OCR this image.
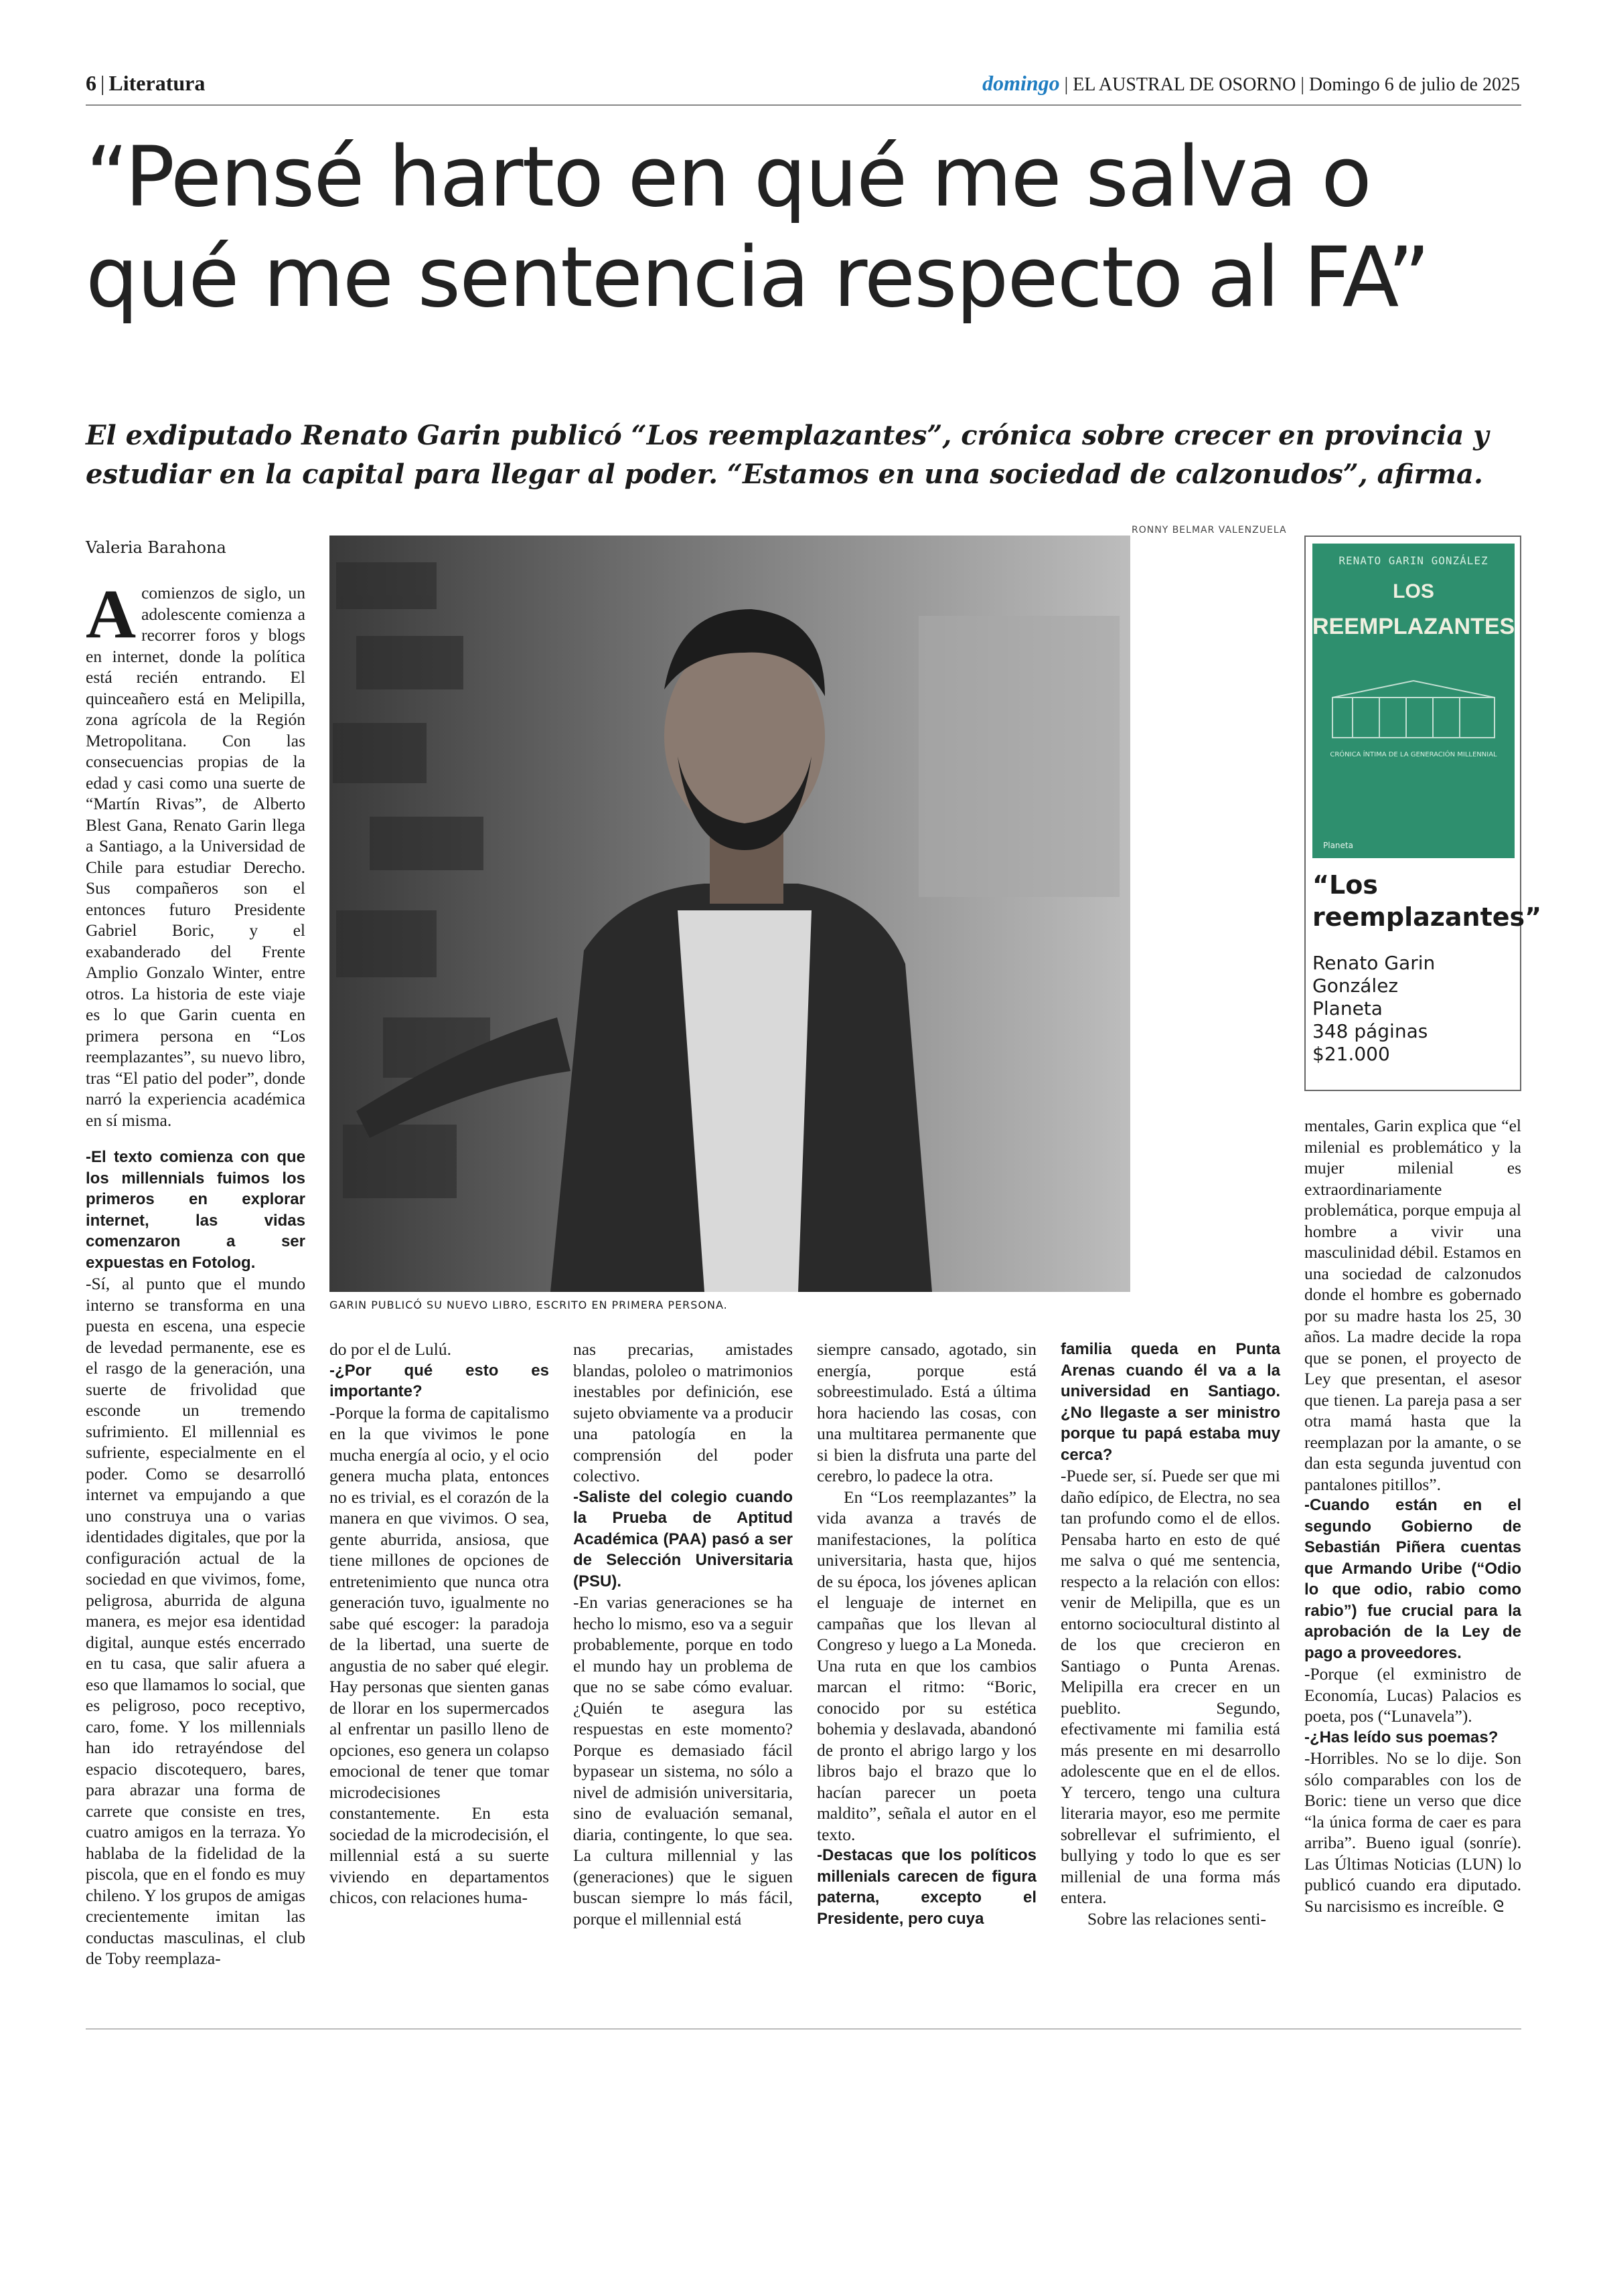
6 | Literatura	domingo | EL AUSTRAL DE OSORNO | Domingo 6 de julio de 2025
“Pensé harto en qué me salva o qué me sentencia respecto al FA”
El exdiputado Renato Garin publicó “Los reemplazantes”, crónica sobre crecer en provincia y estudiar en la capital para llegar al poder. “Estamos en una sociedad de calzonudos”, afirma.
Valeria Barahona
RONNY BELMAR VALENZUELA
GARIN PUBLICÓ SU NUEVO LIBRO, ESCRITO EN PRIMERA PERSONA.
RENATO GARIN GONZÁLEZ
LOS
REEMPLAZANTES
CRÓNICA ÍNTIMA DE LA GENERACIÓN MILLENNIAL
Planeta
“Los reemplazantes”
Renato Garin González
Planeta
348 páginas
$21.000

Acomienzos de siglo, un adolescente comienza a recorrer foros y blogs en internet, donde la política está recién entrando. El quinceañero está en Melipilla, zona agrícola de la Región Metropolitana. Con las consecuencias propias de la edad y casi como una suerte de “Martín Rivas”, de Alberto Blest Gana, Renato Garin llega a Santiago, a la Universidad de Chile para estudiar Derecho. Sus compañeros son el entonces futuro Presidente Gabriel Boric, y el exabanderado del Frente Amplio Gonzalo Winter, entre otros. La historia de este viaje es lo que Garin cuenta en primera persona en “Los reemplazantes”, su nuevo libro, tras “El patio del poder”, donde narró la experiencia académica en sí misma.

-El texto comienza con que los millennials fuimos los primeros en explorar internet, las vidas comenzaron a ser expuestas en Fotolog.

-Sí, al punto que el mundo interno se transforma en una puesta en escena, una especie de levedad permanente, ese es el rasgo de la generación, una suerte de frivolidad que esconde un tremendo sufrimiento. El millennial es sufriente, especialmente en el poder. Como se desarrolló internet va empujando a que uno construya una o varias identidades digitales, que por la configuración actual de la sociedad en que vivimos, fome, peligrosa, aburrida de alguna manera, es mejor esa identidad digital, aunque estés encerrado en tu casa, que salir afuera a eso que llamamos lo social, que es peligroso, poco receptivo, caro, fome. Y los millennials han ido retrayéndose del espacio discotequero, bares, para abrazar una forma de carrete que consiste en tres, cuatro amigos en la terraza. Yo hablaba de la fidelidad de la piscola, que en el fondo es muy chileno. Y los grupos de amigas crecientemente imitan las conductas masculinas, el club de Toby reemplaza-

do por el de Lulú.

-¿Por qué esto es importante?

-Porque la forma de capitalismo en la que vivimos le pone mucha energía al ocio, y el ocio genera mucha plata, entonces no es trivial, es el corazón de la manera en que vivimos. O sea, gente aburrida, ansiosa, que tiene millones de opciones de entretenimiento que nunca otra generación tuvo, igualmente no sabe qué escoger: la paradoja de la libertad, una suerte de angustia de no saber qué elegir. Hay personas que sienten ganas de llorar en los supermercados al enfrentar un pasillo lleno de opciones, eso genera un colapso emocional de tener que tomar microdecisiones constantemente. En esta sociedad de la microdecisión, el millennial está a su suerte viviendo en departamentos chicos, con relaciones huma-

nas precarias, amistades blandas, pololeo o matrimonios inestables por definición, ese sujeto obviamente va a producir una patología en la comprensión del poder colectivo.

-Saliste del colegio cuando la Prueba de Aptitud Académica (PAA) pasó a ser de Selección Universitaria (PSU).

-En varias generaciones se ha hecho lo mismo, eso va a seguir probablemente, porque en todo el mundo hay un problema de que no se sabe cómo evaluar. ¿Quién te asegura las respuestas en este momento? Porque es demasiado fácil bypasear un sistema, no sólo a nivel de admisión universitaria, sino de evaluación semanal, diaria, contingente, lo que sea. La cultura millennial y las (generaciones) que le siguen buscan siempre lo más fácil, porque el millennial está

siempre cansado, agotado, sin energía, porque está sobreestimulado. Está a última hora haciendo las cosas, con una multitarea permanente que si bien la disfruta una parte del cerebro, lo padece la otra.

En “Los reemplazantes” la vida avanza a través de manifestaciones, la política universitaria, hasta que, hijos de su época, los jóvenes aplican el lenguaje de internet en campañas que los llevan al Congreso y luego a La Moneda. Una ruta en que los cambios marcan el ritmo: “Boric, conocido por su estética bohemia y deslavada, abandonó de pronto el abrigo largo y los libros bajo el brazo que lo hacían parecer un poeta maldito”, señala el autor en el texto.

-Destacas que los políticos millenials carecen de figura paterna, excepto el Presidente, pero cuya

familia queda en Punta Arenas cuando él va a la universidad en Santiago. ¿No llegaste a ser ministro porque tu papá estaba muy cerca?

-Puede ser, sí. Puede ser que mi daño edípico, de Electra, no sea tan profundo como el de ellos. Pensaba harto en esto de qué me salva o qué me sentencia, respecto a la relación con ellos: venir de Melipilla, que es un entorno sociocultural distinto al de los que crecieron en Santiago o Punta Arenas. Melipilla era crecer en un pueblito. Segundo, efectivamente mi familia está más presente en mi desarrollo adolescente que en el de ellos. Y tercero, tengo una cultura literaria mayor, eso me permite sobrellevar el sufrimiento, el bullying y todo lo que es ser millenial de una forma más entera.

Sobre las relaciones senti-

mentales, Garin explica que “el milenial es problemático y la mujer milenial es extraordinariamente problemática, porque empuja al hombre a vivir una masculinidad débil. Estamos en una sociedad de calzonudos donde el hombre es gobernado por su madre hasta los 25, 30 años. La madre decide la ropa que se ponen, el proyecto de Ley que presentan, el asesor que tienen. La pareja pasa a ser otra mamá hasta que la reemplazan por la amante, o se dan esta segunda juventud con pantalones pitillos”.

-Cuando están en el segundo Gobierno de Sebastián Piñera cuentas que Armando Uribe (“Odio lo que odio, rabio como rabio”) fue crucial para la aprobación de la Ley de pago a proveedores.

-Porque (el exministro de Economía, Lucas) Palacios es poeta, pos (“Lunavela”).

-¿Has leído sus poemas?

-Horribles. No se lo dije. Son sólo comparables con los de Boric: tiene un verso que dice “la única forma de caer es para arriba”. Bueno igual (sonríe). Las Últimas Noticias (LUN) lo publicó cuando era diputado. Su narcisismo es increíble. ᘓ
